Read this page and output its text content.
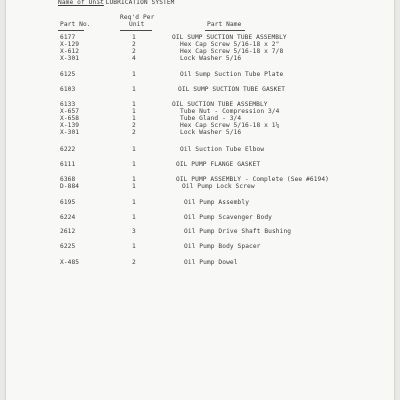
Name of Unit
- LUBRICATION SYSTEM
Req'd Per
Unit
Part No.	Part Name
6177	1	OIL SUMP SUCTION TUBE ASSEMBLY
X-129	2	Hex Cap Screw 5/16-18 x 2"
X-612	2	Hex Cap Screw 5/16-18 x 7/8
X-301	4	Lock Washer 5/16
6125	1	Oil Sump Suction Tube Plate
6103	1	OIL SUMP SUCTION TUBE GASKET
6133	1	OIL SUCTION TUBE ASSEMBLY
X-657	1	Tube Nut - Compression 3/4
X-658	1	Tube Gland - 3/4
X-139	2	Hex Cap Screw 5/16-18 x 1¼
X-301	2	Lock Washer 5/16
6222	1	Oil Suction Tube Elbow
6111	1	OIL PUMP FLANGE GASKET
6368	1	OIL PUMP ASSEMBLY - Complete (See #6194)
D-884	1	Oil Pump Lock Screw
6195	1	Oil Pump Assembly
6224	1	Oil Pump Scavenger Body
2612	3	Oil Pump Drive Shaft Bushing
6225	1	Oil Pump Body Spacer
X-485	2	Oil Pump Dowel
